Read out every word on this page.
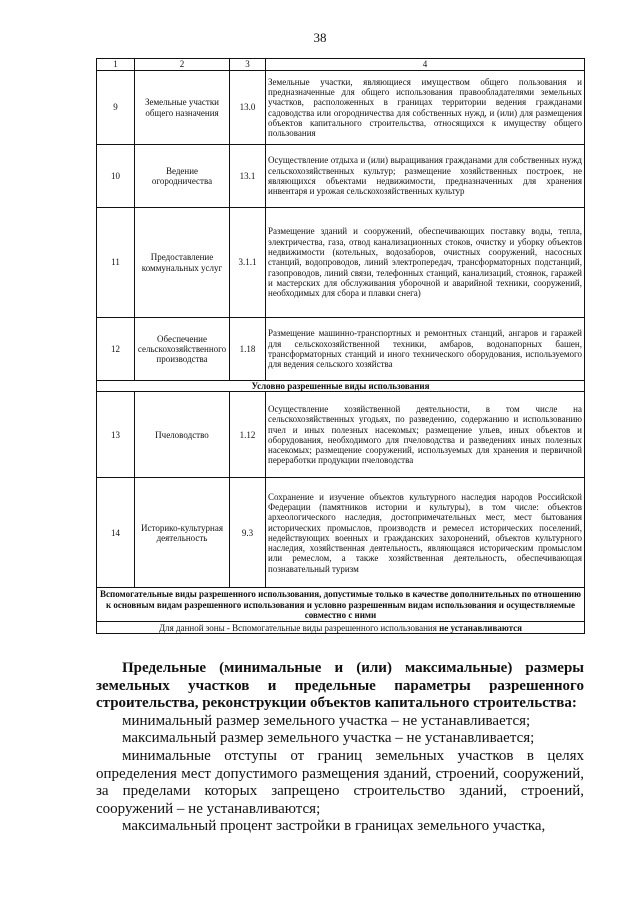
38
1	2	3	4
9	Земельные участки общего назначения	13.0	Земельные участки, являющиеся имуществом общего пользования и предназначенные для общего использования правообладателями земельных участков, расположенных в границах территории ведения гражданами садоводства или огородничества для собственных нужд, и (или) для размещения объектов капитального строительства, относящихся к имуществу общего пользования
10	Ведение огородничества	13.1	Осуществление отдыха и (или) выращивания гражданами для собственных нужд сельскохозяйственных культур; размещение хозяйственных построек, не являющихся объектами недвижимости, предназначенных для хранения инвентаря и урожая сельскохозяйственных культур
11	Предоставление коммунальных услуг	3.1.1	Размещение зданий и сооружений, обеспечивающих поставку воды, тепла, электричества, газа, отвод канализационных стоков, очистку и уборку объектов недвижимости (котельных, водозаборов, очистных сооружений, насосных станций, водопроводов, линий электропередач, трансформаторных подстанций, газопроводов, линий связи, телефонных станций, канализаций, стоянок, гаражей и мастерских для обслуживания уборочной и аварийной техники, сооружений, необходимых для сбора и плавки снега)
12	Обеспечение сельскохозяйственного производства	1.18	Размещение машинно-транспортных и ремонтных станций, ангаров и гаражей для сельскохозяйственной техники, амбаров, водонапорных башен, трансформаторных станций и иного технического оборудования, используемого для ведения сельского хозяйства
Условно разрешенные виды использования			
13	Пчеловодство	1.12	Осуществление хозяйственной деятельности, в том числе на сельскохозяйственных угодьях, по разведению, содержанию и использованию пчел и иных полезных насекомых; размещение ульев, иных объектов и оборудования, необходимого для пчеловодства и разведениях иных полезных насекомых; размещение сооружений, используемых для хранения и первичной переработки продукции пчеловодства
14	Историко-культурная деятельность	9.3	Сохранение и изучение объектов культурного наследия народов Российской Федерации (памятников истории и культуры), в том числе: объектов археологического наследия, достопримечательных мест, мест бытования исторических промыслов, производств и ремесел исторических поселений, недействующих военных и гражданских захоронений, объектов культурного наследия, хозяйственная деятельность, являющаяся историческим промыслом или ремеслом, а также хозяйственная деятельность, обеспечивающая познавательный туризм
Вспомогательные виды разрешенного использования, допустимые только в качестве дополнительных по отношению к основным видам разрешенного использования и условно разрешенным видам использования и осуществляемые совместно с ними			
Для данной зоны - Вспомогательные виды разрешенного использования не устанавливаются			

Предельные (минимальные и (или) максимальные) размеры земельных участков и предельные параметры разрешенного строительства, реконструкции объектов капитального строительства:

минимальный размер земельного участка – не устанавливается;

максимальный размер земельного участка – не устанавливается;

минимальные отступы от границ земельных участков в целях определения мест допустимого размещения зданий, строений, сооружений, за пределами которых запрещено строительство зданий, строений, сооружений – не устанавливаются;

максимальный процент застройки в границах земельного участка,
